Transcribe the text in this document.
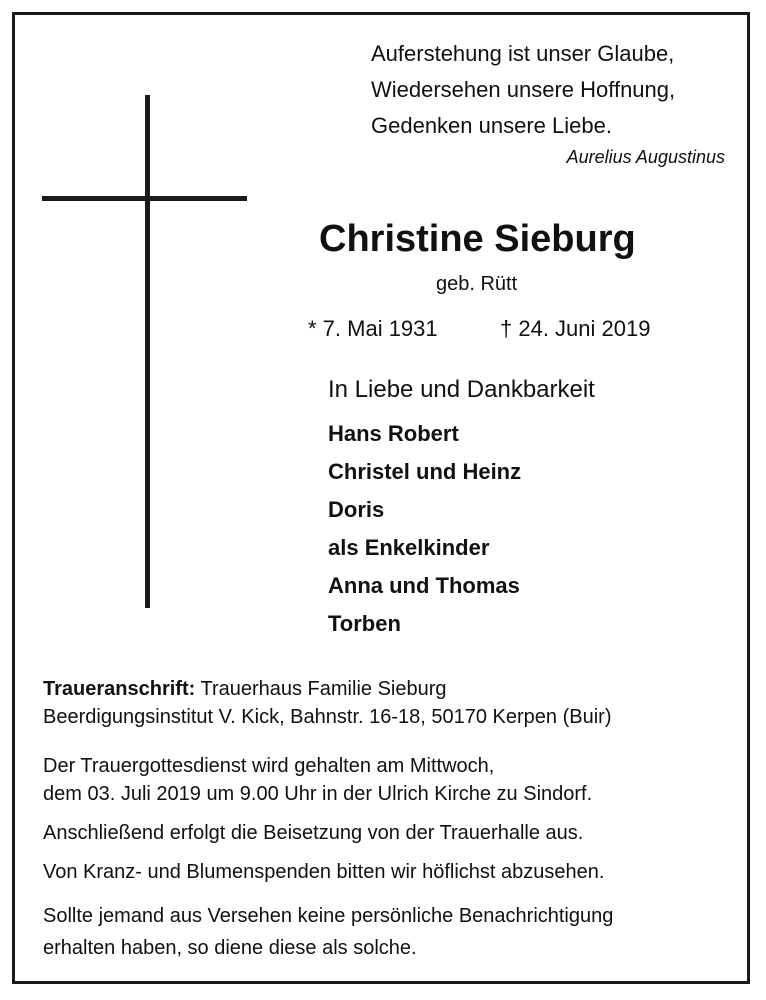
Auferstehung ist unser Glaube,
Wiedersehen unsere Hoffnung,
Gedenken unsere Liebe.
Aurelius Augustinus
Christine Sieburg
geb. Rütt
* 7. Mai 1931	† 24. Juni 2019
In Liebe und Dankbarkeit
Hans Robert
Christel und Heinz
Doris
als Enkelkinder
Anna und Thomas
Torben
Traueranschrift: Trauerhaus Familie Sieburg
Beerdigungsinstitut V. Kick, Bahnstr. 16-18, 50170 Kerpen (Buir)
Der Trauergottesdienst wird gehalten am Mittwoch,
dem 03. Juli 2019 um 9.00 Uhr in der Ulrich Kirche zu Sindorf.
Anschließend erfolgt die Beisetzung von der Trauerhalle aus.
Von Kranz- und Blumenspenden bitten wir höflichst abzusehen.
Sollte jemand aus Versehen keine persönliche Benachrichtigung
erhalten haben, so diene diese als solche.
